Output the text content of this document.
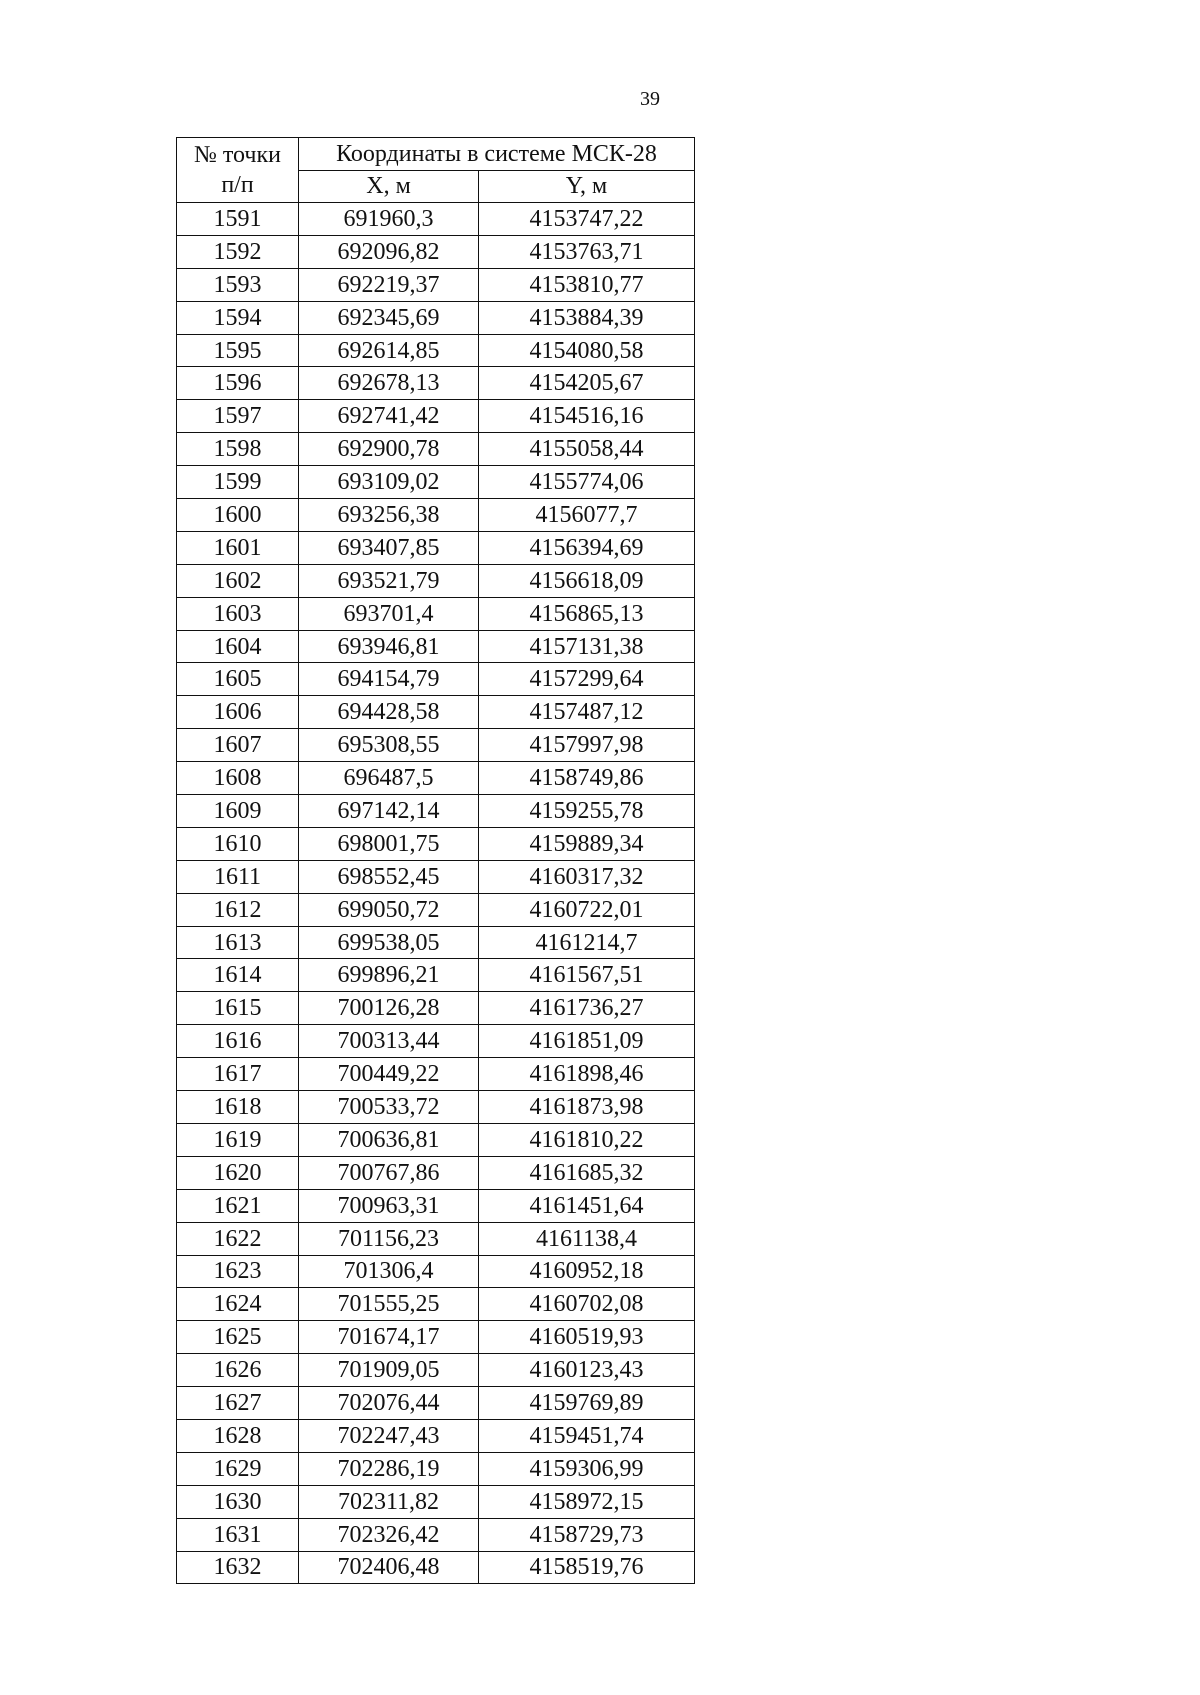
39
№ точки
п/п	Координаты в системе МСК-28	
	X, м	Y, м
1591	691960,3	4153747,22
1592	692096,82	4153763,71
1593	692219,37	4153810,77
1594	692345,69	4153884,39
1595	692614,85	4154080,58
1596	692678,13	4154205,67
1597	692741,42	4154516,16
1598	692900,78	4155058,44
1599	693109,02	4155774,06
1600	693256,38	4156077,7
1601	693407,85	4156394,69
1602	693521,79	4156618,09
1603	693701,4	4156865,13
1604	693946,81	4157131,38
1605	694154,79	4157299,64
1606	694428,58	4157487,12
1607	695308,55	4157997,98
1608	696487,5	4158749,86
1609	697142,14	4159255,78
1610	698001,75	4159889,34
1611	698552,45	4160317,32
1612	699050,72	4160722,01
1613	699538,05	4161214,7
1614	699896,21	4161567,51
1615	700126,28	4161736,27
1616	700313,44	4161851,09
1617	700449,22	4161898,46
1618	700533,72	4161873,98
1619	700636,81	4161810,22
1620	700767,86	4161685,32
1621	700963,31	4161451,64
1622	701156,23	4161138,4
1623	701306,4	4160952,18
1624	701555,25	4160702,08
1625	701674,17	4160519,93
1626	701909,05	4160123,43
1627	702076,44	4159769,89
1628	702247,43	4159451,74
1629	702286,19	4159306,99
1630	702311,82	4158972,15
1631	702326,42	4158729,73
1632	702406,48	4158519,76
